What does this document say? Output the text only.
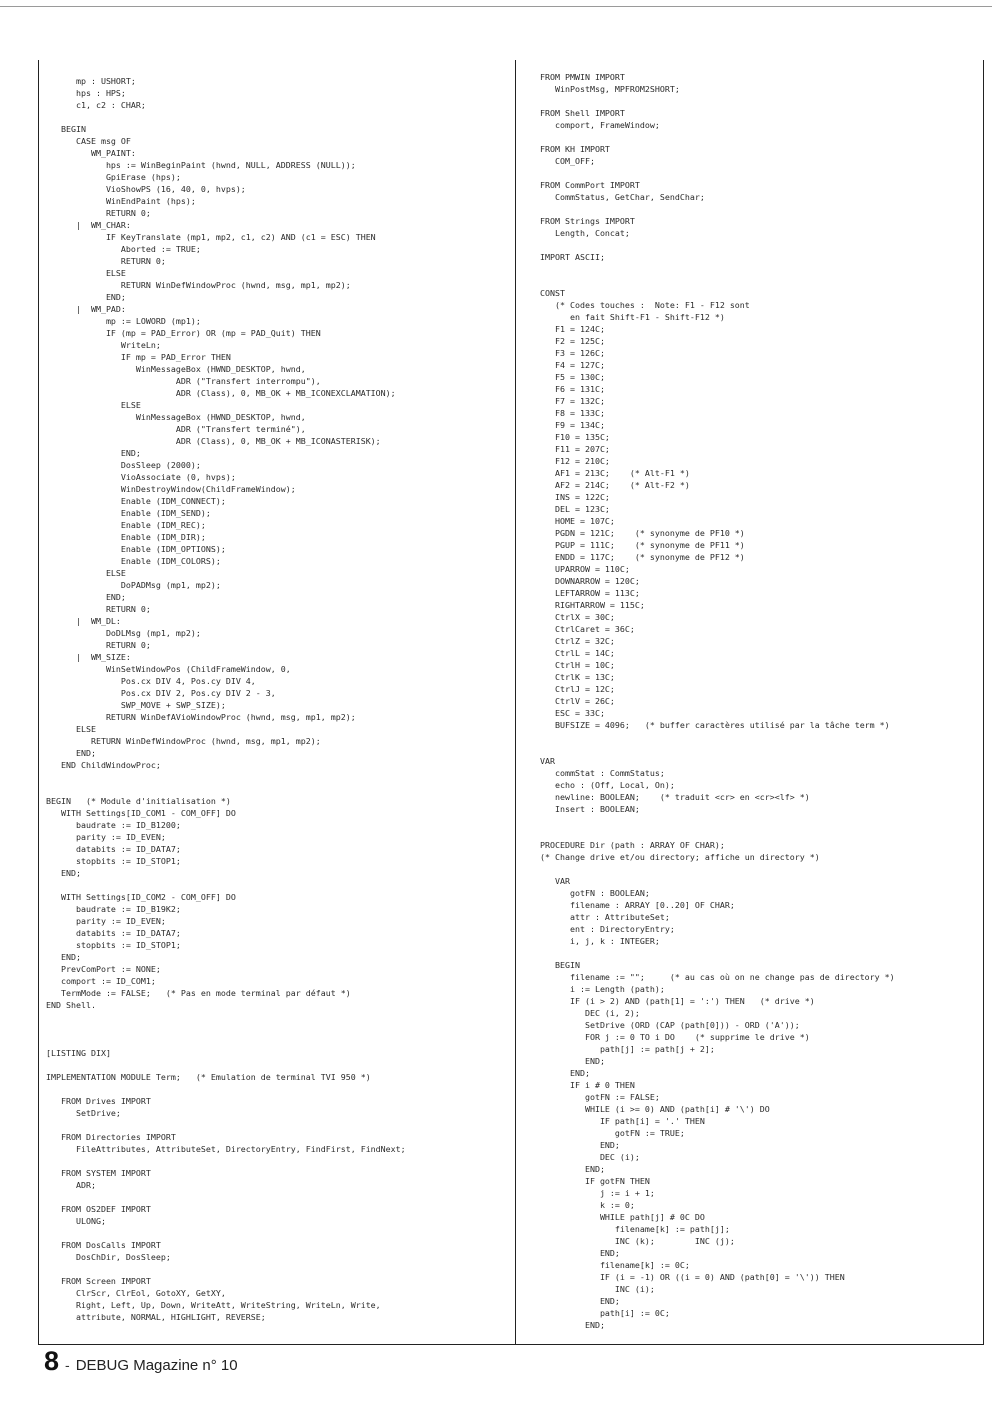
mp : USHORT;
hps : HPS;
c1, c2 : CHAR;

BEGIN
CASE msg OF
WM_PAINT:
hps := WinBeginPaint (hwnd, NULL, ADDRESS (NULL));
GpiErase (hps);
VioShowPS (16, 40, 0, hvps);
WinEndPaint (hps);
RETURN 0;
|  WM_CHAR:
IF KeyTranslate (mp1, mp2, c1, c2) AND (c1 = ESC) THEN
Aborted := TRUE;
RETURN 0;
ELSE
RETURN WinDefWindowProc (hwnd, msg, mp1, mp2);
END;
|  WM_PAD:
mp := LOWORD (mp1);
IF (mp = PAD_Error) OR (mp = PAD_Quit) THEN
WriteLn;
IF mp = PAD_Error THEN
WinMessageBox (HWND_DESKTOP, hwnd,
ADR ("Transfert interrompu"),
ADR (Class), 0, MB_OK + MB_ICONEXCLAMATION);
ELSE
WinMessageBox (HWND_DESKTOP, hwnd,
ADR ("Transfert terminé"),
ADR (Class), 0, MB_OK + MB_ICONASTERISK);
END;
DosSleep (2000);
VioAssociate (0, hvps);
WinDestroyWindow(ChildFrameWindow);
Enable (IDM_CONNECT);
Enable (IDM_SEND);
Enable (IDM_REC);
Enable (IDM_DIR);
Enable (IDM_OPTIONS);
Enable (IDM_COLORS);
ELSE
DoPADMsg (mp1, mp2);
END;
RETURN 0;
|  WM_DL:
DoDLMsg (mp1, mp2);
RETURN 0;
|  WM_SIZE:
WinSetWindowPos (ChildFrameWindow, 0,
Pos.cx DIV 4, Pos.cy DIV 4,
Pos.cx DIV 2, Pos.cy DIV 2 - 3,
SWP_MOVE + SWP_SIZE);
RETURN WinDefAVioWindowProc (hwnd, msg, mp1, mp2);
ELSE
RETURN WinDefWindowProc (hwnd, msg, mp1, mp2);
END;
END ChildWindowProc;

BEGIN   (* Module d'initialisation *)
WITH Settings[ID_COM1 - COM_OFF] DO
baudrate := ID_B1200;
parity := ID_EVEN;
databits := ID_DATA7;
stopbits := ID_STOP1;
END;

WITH Settings[ID_COM2 - COM_OFF] DO
baudrate := ID_B19K2;
parity := ID_EVEN;
databits := ID_DATA7;
stopbits := ID_STOP1;
END;
PrevComPort := NONE;
comport := ID_COM1;
TermMode := FALSE;   (* Pas en mode terminal par défaut *)
END Shell.

[LISTING DIX]

IMPLEMENTATION MODULE Term;   (* Emulation de terminal TVI 950 *)

FROM Drives IMPORT
SetDrive;

FROM Directories IMPORT
FileAttributes, AttributeSet, DirectoryEntry, FindFirst, FindNext;

FROM SYSTEM IMPORT
ADR;

FROM OS2DEF IMPORT
ULONG;

FROM DosCalls IMPORT
DosChDir, DosSleep;

FROM Screen IMPORT
ClrScr, ClrEol, GotoXY, GetXY,
Right, Left, Up, Down, WriteAtt, WriteString, WriteLn, Write,
attribute, NORMAL, HIGHLIGHT, REVERSE;
FROM PMWIN IMPORT
WinPostMsg, MPFROM2SHORT;

FROM Shell IMPORT
comport, FrameWindow;

FROM KH IMPORT
COM_OFF;

FROM CommPort IMPORT
CommStatus, GetChar, SendChar;

FROM Strings IMPORT
Length, Concat;

IMPORT ASCII;

CONST
(* Codes touches :  Note: F1 - F12 sont
en fait Shift-F1 - Shift-F12 *)
F1 = 124C;
F2 = 125C;
F3 = 126C;
F4 = 127C;
F5 = 130C;
F6 = 131C;
F7 = 132C;
F8 = 133C;
F9 = 134C;
F10 = 135C;
F11 = 207C;
F12 = 210C;
AF1 = 213C;    (* Alt-F1 *)
AF2 = 214C;    (* Alt-F2 *)
INS = 122C;
DEL = 123C;
HOME = 107C;
PGDN = 121C;    (* synonyme de PF10 *)
PGUP = 111C;    (* synonyme de PF11 *)
ENDD = 117C;    (* synonyme de PF12 *)
UPARROW = 110C;
DOWNARROW = 120C;
LEFTARROW = 113C;
RIGHTARROW = 115C;
CtrlX = 30C;
CtrlCaret = 36C;
CtrlZ = 32C;
CtrlL = 14C;
CtrlH = 10C;
CtrlK = 13C;
CtrlJ = 12C;
CtrlV = 26C;
ESC = 33C;
BUFSIZE = 4096;   (* buffer caractères utilisé par la tâche term *)

VAR
commStat : CommStatus;
echo : (Off, Local, On);
newline: BOOLEAN;    (* traduit <cr> en <cr><lf> *)
Insert : BOOLEAN;

PROCEDURE Dir (path : ARRAY OF CHAR);
(* Change drive et/ou directory; affiche un directory *)

VAR
gotFN : BOOLEAN;
filename : ARRAY [0..20] OF CHAR;
attr : AttributeSet;
ent : DirectoryEntry;
i, j, k : INTEGER;

BEGIN
filename := "";     (* au cas où on ne change pas de directory *)
i := Length (path);
IF (i > 2) AND (path[1] = ':') THEN   (* drive *)
DEC (i, 2);
SetDrive (ORD (CAP (path[0])) - ORD ('A'));
FOR j := 0 TO i DO    (* supprime le drive *)
path[j] := path[j + 2];
END;
END;
IF i # 0 THEN
gotFN := FALSE;
WHILE (i >= 0) AND (path[i] # '\') DO
IF path[i] = '.' THEN
gotFN := TRUE;
END;
DEC (i);
END;
IF gotFN THEN
j := i + 1;
k := 0;
WHILE path[j] # 0C DO
filename[k] := path[j];
INC (k);        INC (j);
END;
filename[k] := 0C;
IF (i = -1) OR ((i = 0) AND (path[0] = '\')) THEN
INC (i);
END;
path[i] := 0C;
END;
8 - DEBUG Magazine n° 10
